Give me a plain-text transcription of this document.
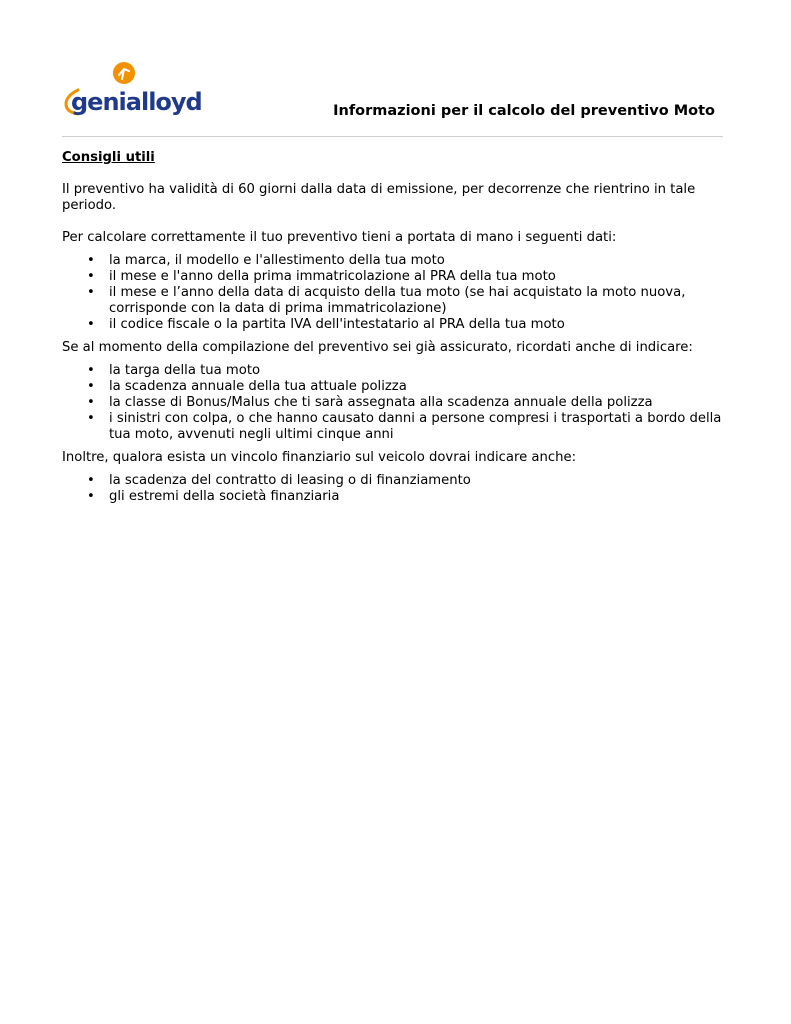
genialloyd	Informazioni per il calcolo del preventivo Moto
Consigli utili

Il preventivo ha validità di 60 giorni dalla data di emissione, per decorrenze che rientrino in tale periodo.

Per calcolare correttamente il tuo preventivo tieni a portata di mano i seguenti dati:

• la marca, il modello e l'allestimento della tua moto
• il mese e l'anno della prima immatricolazione al PRA della tua moto
• il mese e l’anno della data di acquisto della tua moto (se hai acquistato la moto nuova, corrisponde con la data di prima immatricolazione)
• il codice fiscale o la partita IVA dell'intestatario al PRA della tua moto

Se al momento della compilazione del preventivo sei già assicurato, ricordati anche di indicare:

• la targa della tua moto
• la scadenza annuale della tua attuale polizza
• la classe di Bonus/Malus che ti sarà assegnata alla scadenza annuale della polizza
• i sinistri con colpa, o che hanno causato danni a persone compresi i trasportati a bordo della tua moto, avvenuti negli ultimi cinque anni

Inoltre, qualora esista un vincolo finanziario sul veicolo dovrai indicare anche:

• la scadenza del contratto di leasing o di finanziamento
• gli estremi della società finanziaria
